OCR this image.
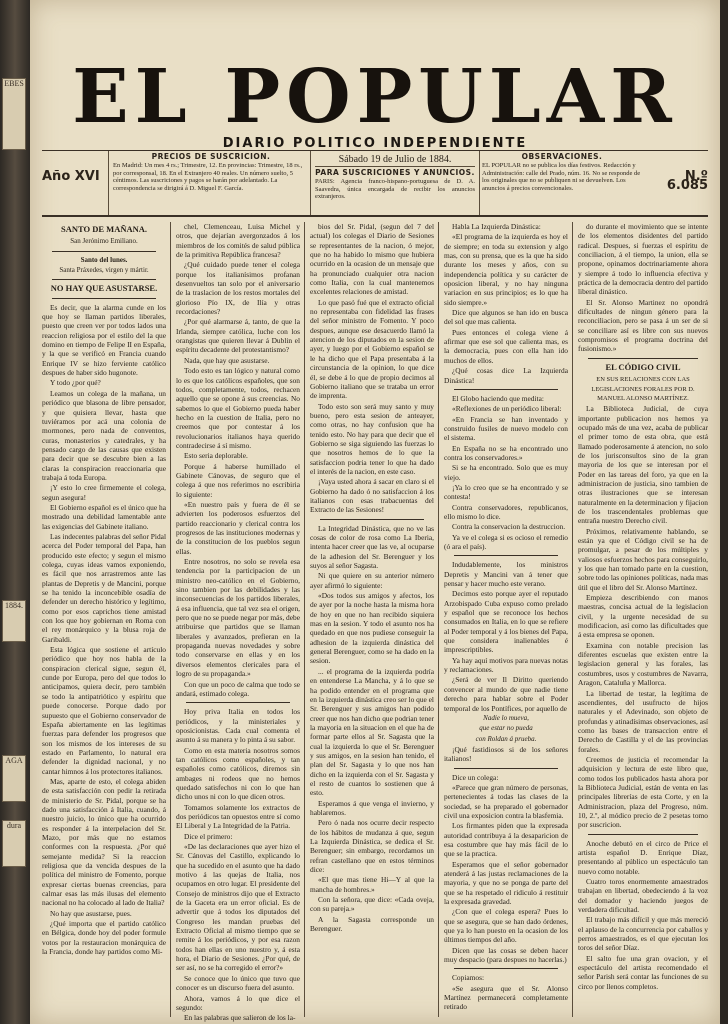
EBES
1884.
AGA
dura
EL POPULAR
DIARIO POLITICO INDEPENDIENTE
Año XVI
PRECIOS DE SUSCRICION.
En Madrid: Un mes 4 rs.; Trimestre, 12. En provincias: Trimestre, 18 rs., por corresponsal, 18. En el Extranjero 40 reales. Un número suelto, 5 céntimos. Las suscriciones y pagos se harán por adelantado. La correspondencia se dirigirá á D. Miguel F. García.
Sábado 19 de Julio de 1884.
PARA SUSCRICIONES Y ANUNCIOS.
PARIS: Agencia franco-hispano-portuguesa de D. A. Saavedra, única encargada de recibir los anuncios extranjeros.
OBSERVACIONES.
EL POPULAR no se publica los días festivos. Redacción y Administración: calle del Prado, núm. 16. No se responde de los originales que no se publiquen ni se devuelven. Los anuncios á precios convencionales.
N.º 6.085

SANTO DE MAÑANA.

San Jerónimo Emiliano.

Santo del lunes.

Santa Práxedes, virgen y mártir.

NO HAY QUE ASUSTARSE.

Es decir, que la alarma cunde en los que hoy se llaman partidos liberales, puesto que creen ver por todos lados una reaccion religiosa por el estilo del la que domino en tiempo de Felipe II en España, y la que se verificó en Francia cuando Enrique IV se hizo ferviente católico despues de haber sido hugonote.

Y todo ¿por qué?

Leamos un colega de la mañana, un periódico que blasona de libre pensador, y que quisiera llevar, hasta que tuviéramos por acá una colonia de mormones, pero nada de conventos, curas, monasterios y catedrales, y ha pensado cargo de las causas que existen para decir que se descubre bien a las claras la conspiracion reaccionaria que trabaja á toda Europa.

¡Y esto lo cree firmemente el colega, segun asegura!

El Gobierno español es el único que ha mostrado una debilidad lamentable ante las exigencias del Gabinete italiano.

Las indecentes palabras del señor Pidal acerca del Poder temporal del Papa, han producido este efecto; y segun el mismo colega, cuyas ideas vamos exponiendo, es fácil que nos arrastremos ante las plantas de Depretis y de Mancini, porque se ha tenido la inconcebible osadía de defender un derecho histórico y legítimo, como por esos caprichos tiene amistad con los que hoy gobiernan en Roma con el rey monárquico y la blusa roja de Garibaldi.

Esta lógica que sostiene el artículo periódico que hoy nos habla de la conspiracion clerical sigue, segun él, cunde por Europa, pero del que todos lo anticipamos, quiera decir, pero también se todo la antipatriótico y espíritu que puede conocerse. Porque dado por supuesto que el Gobierno conservador de España abiertamente en las legítimas fuerzas para defender los progresos que son los mismos de los intereses de su estado en Parlamento, lo natural era defender la dignidad nacional, y no cantar himnos á los protectores italianos.

Mas, aparte de esto, el colega abiden de esta satisfacción con pedir la retirada de ministerio de Sr. Pidal, porque se ha dado una satisfacción á Italia, cuando, á nuestro juicio, lo único que ha ocurrido es responder á la interpelacion del Sr. Mazo, por más que no estamos conformes con la respuesta. ¿Por qué semejante medida? Si la reaccion religiosa que da vencida despues de la política del ministro de Fomento, porque expresar ciertas buenas creencias, para calmar esas las más ilusas del elemento nacional no ha colocado al lado de Italia?

No hay que asustarse, pues.

¿Qué importa que el partido católico en Bélgica, donde hoy del poder formule votos por la restauracion monárquica de la Francia, donde hay partidos como Mi-

chel, Clemenceau, Luisa Michel y otros, que dejarían avergonzados á los miembros de los comités de salud pública de la primitiva República francesa?

¿Qué cuidado puede tener el colega porque los italianísimos profanan desenvueltos tan solo por el aniversario de la traslacion de los restos mortales del glorioso Pío IX, de Ilía y otras recordaciones?

¿Por qué alarmarse á, tanto, de que la Irlanda, siempre católica, luche con los orangistas que quieren llevar á Dublin el espíritu decadente del protestantismo?

Nada, que hay que asustarse.

Todo esto es tan lógico y natural como lo es que los católicos españoles, que son todos, completamente, todos, rechacen aquello que se opone á sus creencias. No sabemos lo que el Gobierno pueda haber hecho en la cuestion de Italia, pero no creemos que por contestar á los revolucionarios italianos haya querido contradecirse á sí mismo.

Esto seria deplorable.

Porque á haberse humillado el Gabinete Cánovas, de seguro que el colega á que nos referimos no escribiria lo siguiente:

«En nuestro país y fuera de él se advierten los poderosos esfuerzos del partido reaccionario y clerical contra los progresos de las instituciones modernas y de la constitucion de los pueblos segun ellas.

Entre nosotros, no solo se revela esa tendencia por la participacion de un ministro neo-católico en el Gobierno, sino tambien por las debilidades y las inconsecuencias de los partidos liberales, á esa influencia, que tal vez sea el origen, pero que no se puede negar por más, debe atribuirse que partidos que se llaman liberales y avanzados, prefieran en la propaganda nuevas novedades y sobre todo conservarse en ellas y en los diversos elementos clericales para el logro de su propaganda.»

Con que un poco de calma que todo se andará, estimado colega.

Hoy priva Italia en todos los periódicos, y la ministeriales y oposicionistas. Cada cual comenta el asunto á su manera y lo pinta á su sabor.

Como en esta materia nosotros somos tan católicos como españoles, y tan españoles como católicos, diremos sin ambages ni rodeos que no hemos quedado satisfechos ni con lo que han dicho unos ni con lo que dicen otros.

Tomamos solamente los extractos de dos periódicos tan opuestos entre sí como El Liberal y La Integridad de la Patria.

Dice el primero:

«De las declaraciones que ayer hizo el Sr. Cánovas del Castillo, explicando lo que ha sucedido en el asunto que ha dado motivo á las quejas de Italia, nos ocupamos en otro lugar. El presidente del Consejo de ministros dijo que el Extracto de la Gaceta era un error oficial. Es de advertir que á todos los diputados del Congreso les mandan pruebas del Extracto Oficial al mismo tiempo que se remite á los periódicos, y por esa razon todos han ellas en uno nuestro y, á esta hora, el Diario de Sesiones. ¿Por qué, de ser así, no se ha corregido el error?»

Se conoce que lo único que tuvo que conocer es un discurso fuera del asunto.

Ahora, vamos á lo que dice el segundo:

En las palabras que salieron de los la-

bios del Sr. Pidal, (segun del 7 del actual) los colegas el Diario de Sesiones se representantes de la nacion, ó mejor, que no ha habido lo mismo que hubiera ocurrido en la ocasion de un mensaje que ha pronunciado cualquier otra nacion como Italia, con la cual mantenemos excelentes relaciones de amistad.

Lo que pasó fué que el extracto oficial no representaba con fidelidad las frases del señor ministro de Fomento. Y poco despues, aunque ese desacuerdo llamó la atencion de los diputados en la sesion de ayer, y luego por el Gobierno español se le ha dicho que el Papa presentaba á la circunstancia de la opinion, lo que dice él, se debe á lo que de propio decimos al Gobierno italiano que se trataba un error de imprenta.

Todo esto son será muy santo y muy bueno, pero esta sesion de anteayer, como otras, no hay confusion que ha tenido esto. No hay para que decir que el Gobierno se siga siguiendo las fuerzas lo que nosotros hemos de lo que la satisfaccion podria tener lo que ha dado el interés de la nacion, en este caso.

¡Vaya usted ahora á sacar en claro si el Gobierno ha dado ó no satisfaccion á los italianos con esas trabacuentas del Extracto de las Sesiones!

La Integridad Dinástica, que no ve las cosas de color de rosa como La Iberia, intenta hacer creer que las ve, al ocuparse de la adhesion del Sr. Berenguer y los suyos al señor Sagasta.

Ni que quiere en su anterior número ayer afirmó lo siguiente:

«Dos todos sus amigos y afectos, los de ayer por la noche hasta la misma hora de hoy en que no han recibido siquiera mas en la sesion. Y todo el asunto nos ha quedado en que nos pudiese conseguir la adhesion de la izquierda dinástica del general Berenguer, como se ha dado en la sesion.

... el programa de la izquierda podría en entenderse La Mancha, y á lo que se ha podido entender en el programa que en la izquierda dinástica creo ser lo que el Sr. Berenguer y sus amigos han podido creer que nos han dicho que podrian tener la mayoria en la situacion en el que ha de formar parte ellos al Sr. Sagasta que la cual la izquierda lo que el Sr. Berenguer y sus amigos, en la sesion han tenido, el plan del Sr. Sagasta y lo que nos han dicho en la izquierda con el Sr. Sagasta y el resto de cuantos lo sostienen que á esto.

Esperamos á que venga el invierno, y hablaremos.

Pero ó nada nos ocurre decir respecto de los hábitos de mudanza á que, segun La Izquierda Dinástica, se dedica el Sr. Berenguer; sin embargo, recordamos un refran castellano que en estos términos dice:

«El que mas tiene Hi—Y al que la mancha de hombres.»

Con la señora, que dice: «Cada oveja, con su pareja.»

A la Sagasta corresponde un Berenguer.

Habla La Izquierda Dinástica:

«El programa de la izquierda es hoy el de siempre; en toda su extension y algo mas, con su prensa, que es la que ha sido durante los meses y años, con su independencia política y su carácter de oposicion liberal, y no hay ninguna variacion en sus principios; es lo que ha sido siempre.»

Dice que algunos se han ido en busca del sol que mas calienta.

Pues entonces el colega viene á afirmar que ese sol que calienta mas, es la democracia, pues con ella han ido muchos de ellos.

¿Qué cosas dice La Izquierda Dinástica!

El Globo haciendo que medita:

«Reflexiones de un periódico liberal:

«En Francia se han inventado y construido fusiles de nuevo modelo con el sistema.

En España no se ha encontrado uno contra los conservadores.»

Si se ha encontrado. Solo que es muy viejo.

¡Ya lo creo que se ha encontrado y se contesta!

Contra conservadores, republicanos, ello mismo lo dice.

Contra la conservacion la destruccion.

Ya ve el colega si es ocioso el remedio (ó ara el país).

Indudablemente, los ministros Depretis y Mancini van á tener que pensar y hacer mucho este verano.

Decimos esto porque ayer el reputado Arzobispado Cuba expuso como prelado y español que se reconoce los hechos consumados en Italia, en lo que se refiere al Poder temporal y á los bienes del Papa, que considera inalienables é imprescriptibles.

Ya hay aquí motivos para nuevas notas y reclamaciones.

¿Será de ver Il Diritto queriendo convencer al mundo de que nadie tiene derecho para hablar sobre el Poder temporal de los Pontífices, por aquello de

Nadie lo mueva,

que estar no pueda

con Roldan á prueba.

¡Qué fastidiosos si de los señores italianos!

Dice un colega:

«Parece que gran número de personas, pertenecientes á todas las clases de la sociedad, se ha preparado el gobernador civil una exposicion contra la blasfemia.

Los firmantes piden que la expresada autoridad contribuya á la desaparicion de esa costumbre que hay más fácil de lo que se la practica.

Esperamos que el señor gobernador atenderá á las justas reclamaciones de la mayoria, y que no se ponga de parte del que se ha respetado el ridiculo á restituir la expresada gravedad.

¿Con que el colega espera? Pues lo que se asegura, que se han dado órdenes, que ya lo han puesto en la ocasion de los últimos tiempos del año.

Dicen que las cosas se deben hacer muy despacio (para despues no hacerlas.)

Copiamos:

«Se asegura que el Sr. Alonso Martínez permanecerá completamente retirado

do durante el movimiento que se intente de los elementos disidentes del partido radical. Despues, si fuerzas el espíritu de conciliacion, á el tiempo, la union, ella se propone, opinamos doctrinariamente ahora y siempre á todo lo influencia efectiva y práctica de la democracia dentro del partido liberal dinástico.

El Sr. Alonso Martinez no opondrá dificultades de ningun género para la reconciliacion, pero se pasa á un ser de si se conciliare así es libre con sus nuevos compromisos el programa doctrina del fusionismo.»

EL CÓDIGO CIVIL

EN SUS RELACIONES CON LAS LEGISLACIONES FORALES POR D. MANUEL ALONSO MARTÍNEZ.

La Biblioteca Judicial, de cuya importante publicacion nos hemos ya ocupado más de una vez, acaba de publicar el primer tomo de esta obra, que está llamado poderosamente á atencion, no solo de los jurisconsultos sino de la gran mayoria de los que se interesan por el Poder en las tareas del foro, ya que en la administracion de justicia, sino tambien de otras ilustraciones que se interesan naturalmente en la determinacion y fijacion de los trascendentales problemas que entraña nuestro Derecho civil.

Próximos, relativamente hablando, se están ya que el Código civil se ha de promulgar, a pesar de los múltiples y valiosos esfuerzos hechos para conseguirlo, y los que han tomado parte en la cuestion, sobre todo las opiniones políticas, nada mas útil que el libro del Sr. Alonso Martínez.

Empieza describiendo con manos maestras, concisa actual de la legislacion civil, y la urgente necesidad de su modificacion, así como las dificultades que á esta empresa se oponen.

Examina con notable precision las diferentes escuelas que existen entre la legislacion general y las forales, las costumbres, usos y costumbres de Navarra, Aragon, Cataluña y Mallorca.

La libertad de testar, la legítima de ascendientes, del usufructo de hijos naturales y el Adevinado, son objeto de profundas y atinadísimas observaciones, así como las bases de transaccion entre el Derecho de Castilla y el de las provincias forales.

Creemos de justicia el recomendar la adquisicion y lectura de este libro que, como todos los publicados hasta ahora por la Biblioteca Judicial, están de venta en las principales librerías de esta Corte, y en la Administracion, plaza del Progreso, núm. 10, 2.º, al módico precio de 2 pesetas tomo por suscricion.

Anoche debutó en el circo de Price el artista español D. Enrique Díaz, presentando al público un espectáculo tan nuevo como notable.

Cuatro toros enormemente amaestrados trabajan en libertad, obedeciendo á la voz del domador y haciendo juegos de verdadera dificultad.

El trabajo más difícil y que más mereció el aplauso de la concurrencia por caballos y perros amaestrados, es el que ejecutan los toros del señor Díaz.

El salto fue una gran ovacion, y el espectáculo del artista recomendado el señor Parish será contar las funciones de su circo por llenos completos.
